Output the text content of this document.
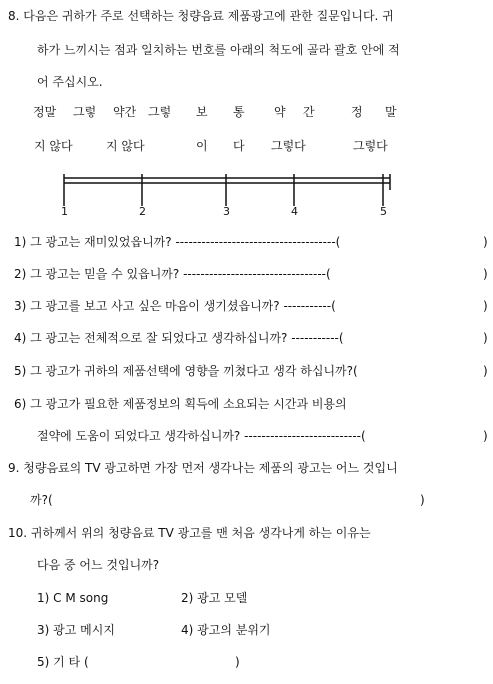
8. 다음은 귀하가 주로 선택하는 청량음료 제품광고에 관한 질문입니다. 귀
하가 느끼시는 점과 일치하는 번호를 아래의 척도에 골라 괄호 안에 적
어 주십시오.
정말 그렇 약간 그렇 보 통 약 간	정 말
지 않다	지 않다	이 다 그렇다	그렇다
1	2	3	4	5
1) 그 광고는 재미있었읍니까? -------------------------------------(	)
2) 그 광고는 믿을 수 있읍니까? ---------------------------------(	)
3) 그 광고를 보고 사고 싶은 마음이 생기셨읍니까? -----------(	)
4) 그 광고는 전체적으로 잘 되었다고 생각하십니까? -----------(	)
5) 그 광고가 귀하의 제품선택에 영향을 끼쳤다고 생각 하십니까?(	)
6) 그 광고가 필요한 제품정보의 획득에 소요되는 시간과 비용의
절약에 도움이 되었다고 생각하십니까? ---------------------------(	)
9. 청량음료의 TV 광고하면 가장 먼저 생각나는 제품의 광고는 어느 것입니
까?(	)
10. 귀하께서 위의 청량음료 TV 광고를 맨 처음 생각나게 하는 이유는
다음 중 어느 것입니까?
1) C M song	2) 광고 모델
3) 광고 메시지	4) 광고의 분위기
5) 기 타 (	)
